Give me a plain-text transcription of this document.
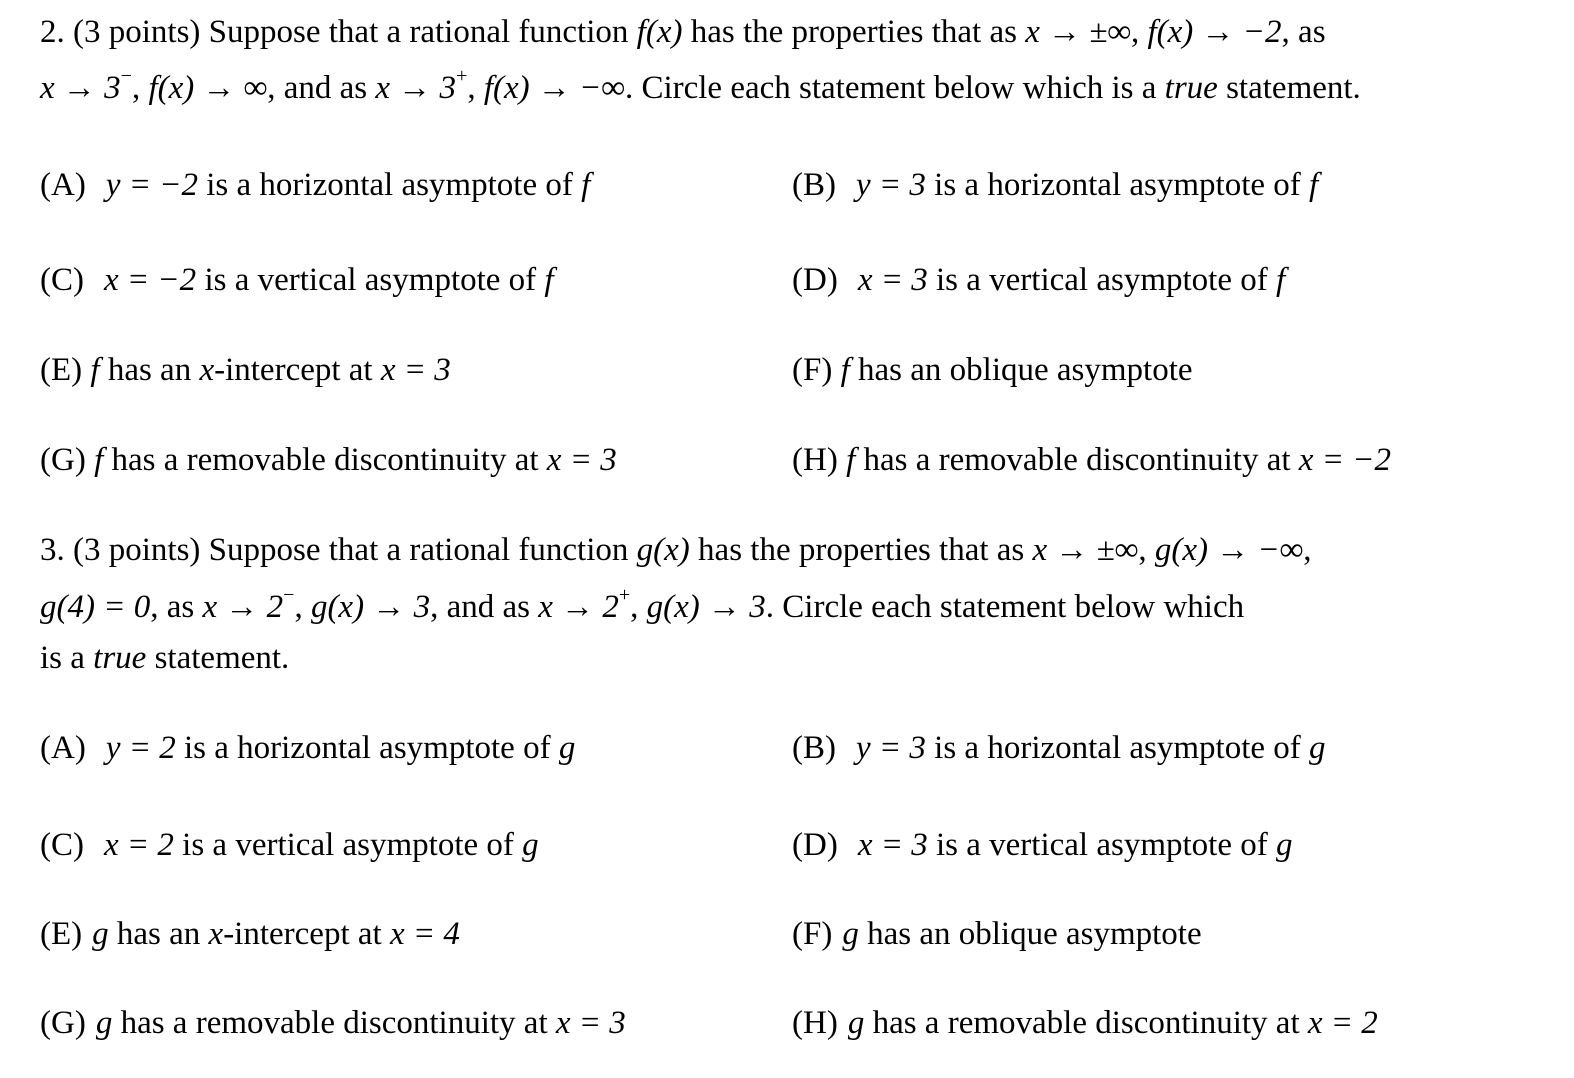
2. (3 points) Suppose that a rational function f(x) has the properties that as x → ±∞, f(x) → −2, as
x → 3−, f(x) → ∞, and as x → 3+, f(x) → −∞. Circle each statement below which is a true statement.
(A) y = −2 is a horizontal asymptote of f	(B) y = 3 is a horizontal asymptote of f
(C) x = −2 is a vertical asymptote of f	(D) x = 3 is a vertical asymptote of f
(E) f has an x-intercept at x = 3	(F) f has an oblique asymptote
(G) f has a removable discontinuity at x = 3	(H) f has a removable discontinuity at x = −2
3. (3 points) Suppose that a rational function g(x) has the properties that as x → ±∞, g(x) → −∞,
g(4) = 0, as x → 2−, g(x) → 3, and as x → 2+, g(x) → 3. Circle each statement below which
is a true statement.
(A) y = 2 is a horizontal asymptote of g	(B) y = 3 is a horizontal asymptote of g
(C) x = 2 is a vertical asymptote of g	(D) x = 3 is a vertical asymptote of g
(E) g has an x-intercept at x = 4	(F) g has an oblique asymptote
(G) g has a removable discontinuity at x = 3	(H) g has a removable discontinuity at x = 2
